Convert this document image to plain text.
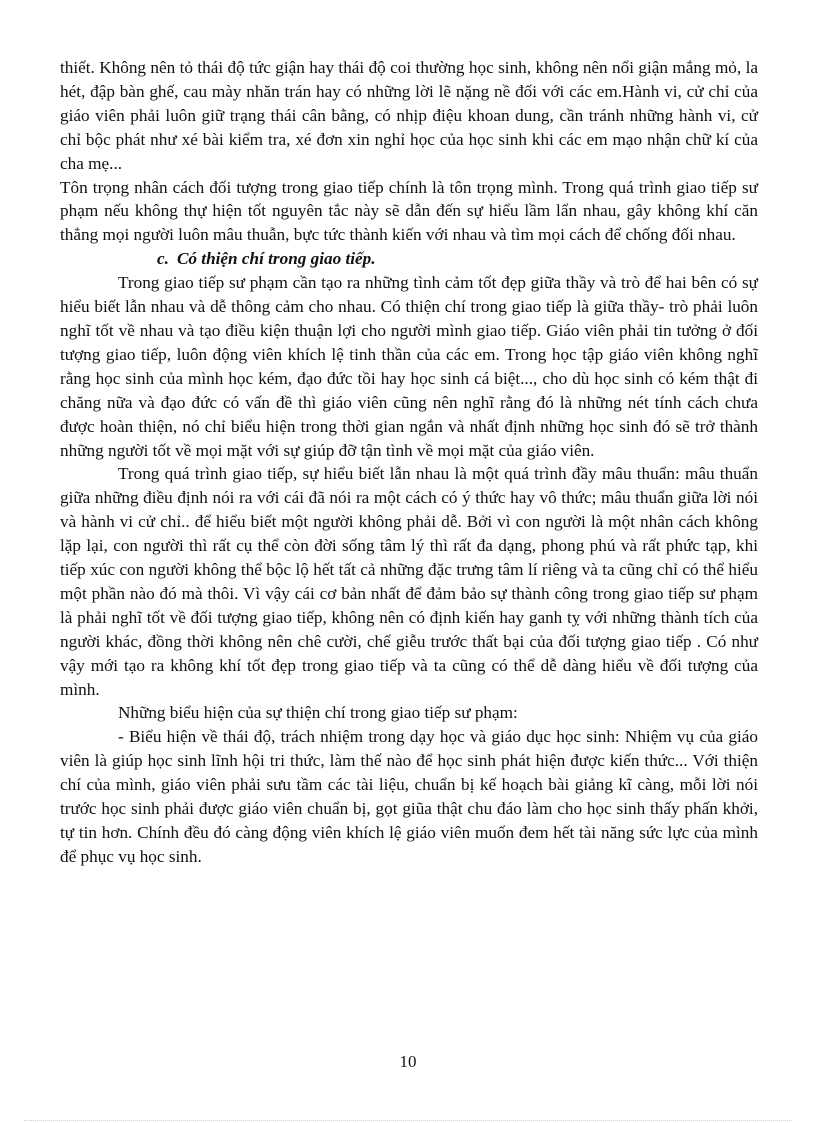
thiết. Không nên tỏ thái độ tức giận hay thái độ coi thường học sinh, không nên nổi giận mắng mỏ, la hét, đập bàn ghế, cau mày nhăn trán hay có những lời lẽ nặng nề đối với các em.Hành vi, cử chỉ của giáo viên phải luôn giữ trạng thái cân bằng, có nhịp điệu khoan dung, cần tránh những hành vi, cử chỉ bộc phát như xé bài kiểm tra, xé đơn xin nghỉ học của học sinh khi các em mạo nhận chữ kí của cha mẹ...

Tôn trọng nhân cách đối tượng trong giao tiếp chính là tôn trọng mình. Trong quá trình giao tiếp sư phạm nếu không thự hiện tốt nguyên tắc này sẽ dẫn đến sự hiểu lầm lẩn nhau, gây không khí căn thẳng mọi người luôn mâu thuẫn, bực tức thành kiến với nhau và tìm mọi cách để chống đối nhau.

c. Có thiện chí trong giao tiếp.

Trong giao tiếp sư phạm cần tạo ra những tình cảm tốt đẹp giữa thầy và trò để hai bên có sự hiểu biết lẫn nhau và dễ thông cảm cho nhau. Có thiện chí trong giao tiếp là giữa thầy- trò phải luôn nghĩ tốt về nhau và tạo điều kiện thuận lợi cho người mình giao tiếp. Giáo viên phải tin tưởng ở đối tượng giao tiếp, luôn động viên khích lệ tinh thần của các em. Trong học tập giáo viên không nghĩ rằng học sinh của mình học kém, đạo đức tồi hay học sinh cá biệt..., cho dù học sinh có kém thật đi chăng nữa và đạo đức có vấn đề thì giáo viên cũng nên nghĩ rằng đó là những nét tính cách chưa được hoàn thiện, nó chỉ biểu hiện trong thời gian ngắn và nhất định những học sinh đó sẽ trở thành những người tốt về mọi mặt với sự giúp đỡ tận tình về mọi mặt của giáo viên.

Trong quá trình giao tiếp, sự hiểu biết lẫn nhau là một quá trình đầy mâu thuẩn: mâu thuẩn giữa những điều định nói ra với cái đã nói ra một cách có ý thức hay vô thức; mâu thuẩn giữa lời nói và hành vi cử chỉ.. để hiểu biết một người không phải dễ. Bởi vì con người là một nhân cách không lặp lại, con người thì rất cụ thể còn đời sống tâm lý thì rất đa dạng, phong phú và rất phức tạp, khi tiếp xúc con người không thể bộc lộ hết tất cả những đặc trưng tâm lí riêng và ta cũng chỉ có thể hiểu một phần nào đó mà thôi. Vì vậy cái cơ bản nhất để đảm bảo sự thành công trong giao tiếp sư phạm là phải nghĩ tốt về đối tượng giao tiếp, không nên có định kiến hay ganh tỵ với những thành tích của người khác, đồng thời không nên chê cười, chế giễu trước thất bại của đối tượng giao tiếp . Có như vậy mới tạo ra không khí tốt đẹp trong giao tiếp và ta cũng có thể dễ dàng hiểu về đối tượng của mình.

Những biểu hiện của sự thiện chí trong giao tiếp sư phạm:

- Biểu hiện về thái độ, trách nhiệm trong dạy học và giáo dục học sinh: Nhiệm vụ của giáo viên là giúp học sinh lĩnh hội tri thức, làm thế nào để học sinh phát hiện được kiến thức... Với thiện chí của mình, giáo viên phải sưu tầm các tài liệu, chuẩn bị kế hoạch bài giảng kĩ càng, mỗi lời nói trước học sinh phải được giáo viên chuẩn bị, gọt giũa thật chu đáo làm cho học sinh thấy phấn khởi, tự tin hơn. Chính đều đó càng động viên khích lệ giáo viên muốn đem hết tài năng sức lực của mình để phục vụ học sinh.

10
